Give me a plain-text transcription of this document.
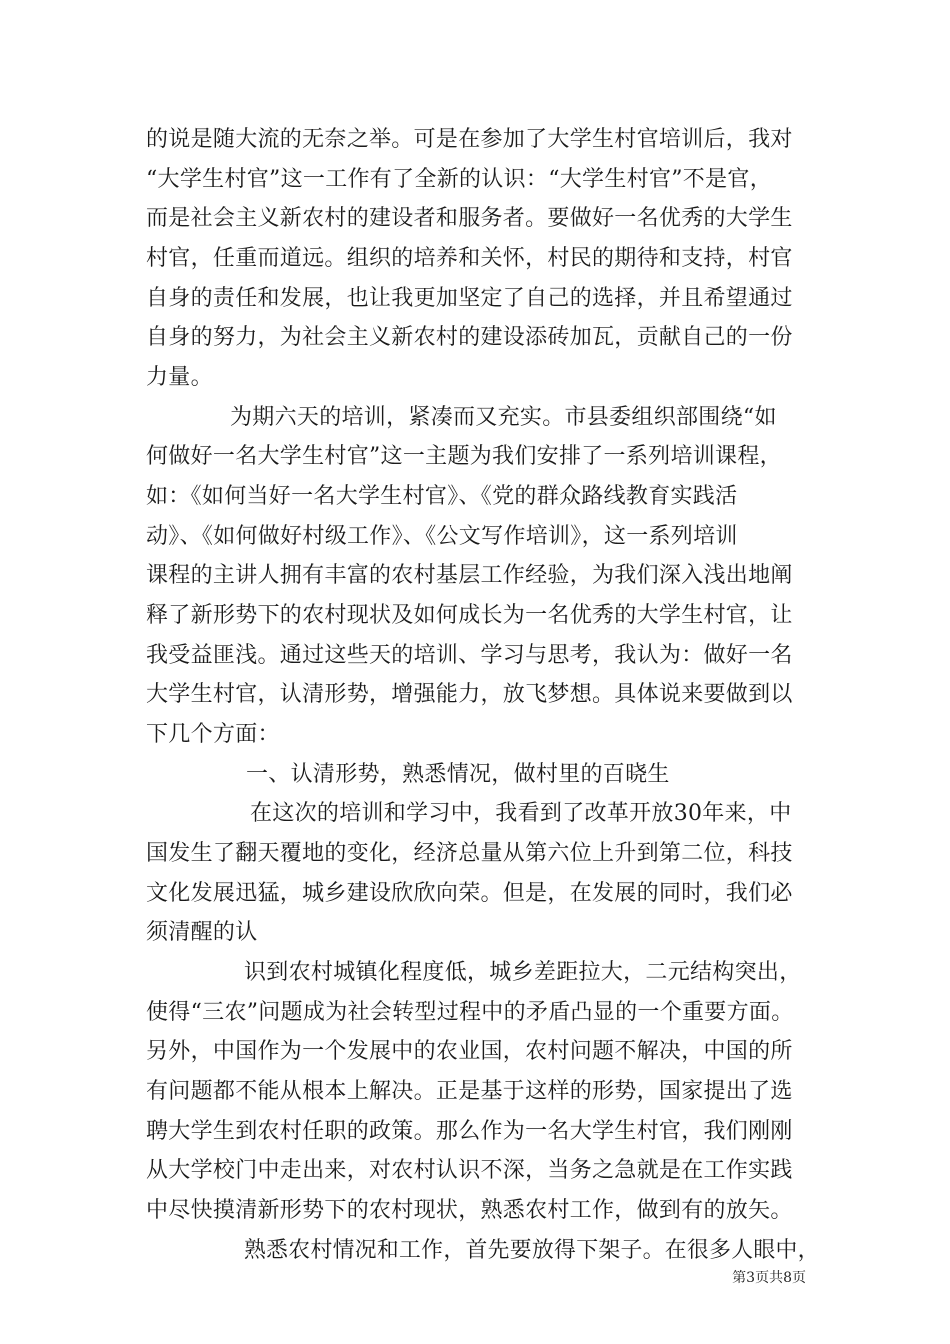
的说是随大流的无奈之举。可是在参加了大学生村官培训后，我对
“大学生村官”这一工作有了全新的认识：“大学生村官”不是官，
而是社会主义新农村的建设者和服务者。要做好一名优秀的大学生
村官，任重而道远。组织的培养和关怀，村民的期待和支持，村官
自身的责任和发展，也让我更加坚定了自己的选择，并且希望通过
自身的努力，为社会主义新农村的建设添砖加瓦，贡献自己的一份
力量。
为期六天的培训，紧凑而又充实。市县委组织部围绕“如
何做好一名大学生村官”这一主题为我们安排了一系列培训课程，
如：《如何当好一名大学生村官》、《党的群众路线教育实践活
动》、《如何做好村级工作》、《公文写作培训》，这一系列培训
课程的主讲人拥有丰富的农村基层工作经验，为我们深入浅出地阐
释了新形势下的农村现状及如何成长为一名优秀的大学生村官，让
我受益匪浅。通过这些天的培训、学习与思考，我认为：做好一名
大学生村官，认清形势，增强能力，放飞梦想。具体说来要做到以
下几个方面：
一、认清形势，熟悉情况，做村里的百晓生
在这次的培训和学习中，我看到了改革开放30年来，中
国发生了翻天覆地的变化，经济总量从第六位上升到第二位，科技
文化发展迅猛，城乡建设欣欣向荣。但是，在发展的同时，我们必
须清醒的认
识到农村城镇化程度低，城乡差距拉大，二元结构突出，
使得“三农”问题成为社会转型过程中的矛盾凸显的一个重要方面。
另外，中国作为一个发展中的农业国，农村问题不解决，中国的所
有问题都不能从根本上解决。正是基于这样的形势，国家提出了选
聘大学生到农村任职的政策。那么作为一名大学生村官，我们刚刚
从大学校门中走出来，对农村认识不深，当务之急就是在工作实践
中尽快摸清新形势下的农村现状，熟悉农村工作，做到有的放矢。
熟悉农村情况和工作，首先要放得下架子。在很多人眼中，
第3页共8页
